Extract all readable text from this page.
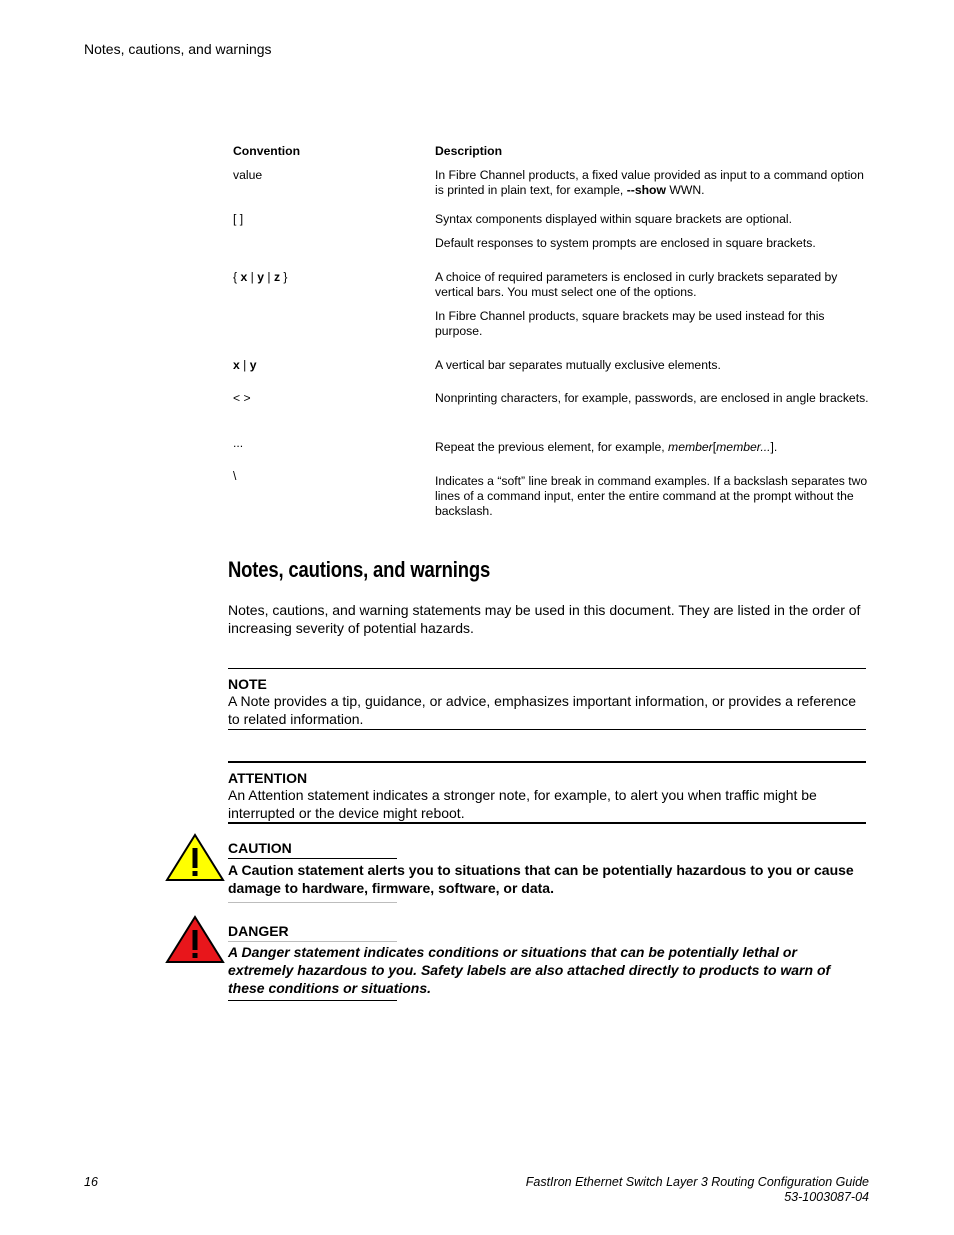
Notes, cautions, and warnings
Convention	Description
value	In Fibre Channel products, a fixed value provided as input to a command option is printed in plain text, for example, --show WWN.
[ ]	Syntax components displayed within square brackets are optional.
Default responses to system prompts are enclosed in square brackets.
{ x | y | z }	A choice of required parameters is enclosed in curly brackets separated by vertical bars. You must select one of the options.
In Fibre Channel products, square brackets may be used instead for this purpose.
x | y	A vertical bar separates mutually exclusive elements.
< >	Nonprinting characters, for example, passwords, are enclosed in angle brackets.
...	Repeat the previous element, for example, member[member...].
\	Indicates a “soft” line break in command examples. If a backslash separates two lines of a command input, enter the entire command at the prompt without the backslash.
Notes, cautions, and warnings
Notes, cautions, and warning statements may be used in this document. They are listed in the order of increasing severity of potential hazards.
NOTE
A Note provides a tip, guidance, or advice, emphasizes important information, or provides a reference to related information.
ATTENTION
An Attention statement indicates a stronger note, for example, to alert you when traffic might be interrupted or the device might reboot.
CAUTION
A Caution statement alerts you to situations that can be potentially hazardous to you or cause damage to hardware, firmware, software, or data.
DANGER
A Danger statement indicates conditions or situations that can be potentially lethal or extremely hazardous to you. Safety labels are also attached directly to products to warn of these conditions or situations.
16	FastIron Ethernet Switch Layer 3 Routing Configuration Guide
53-1003087-04
